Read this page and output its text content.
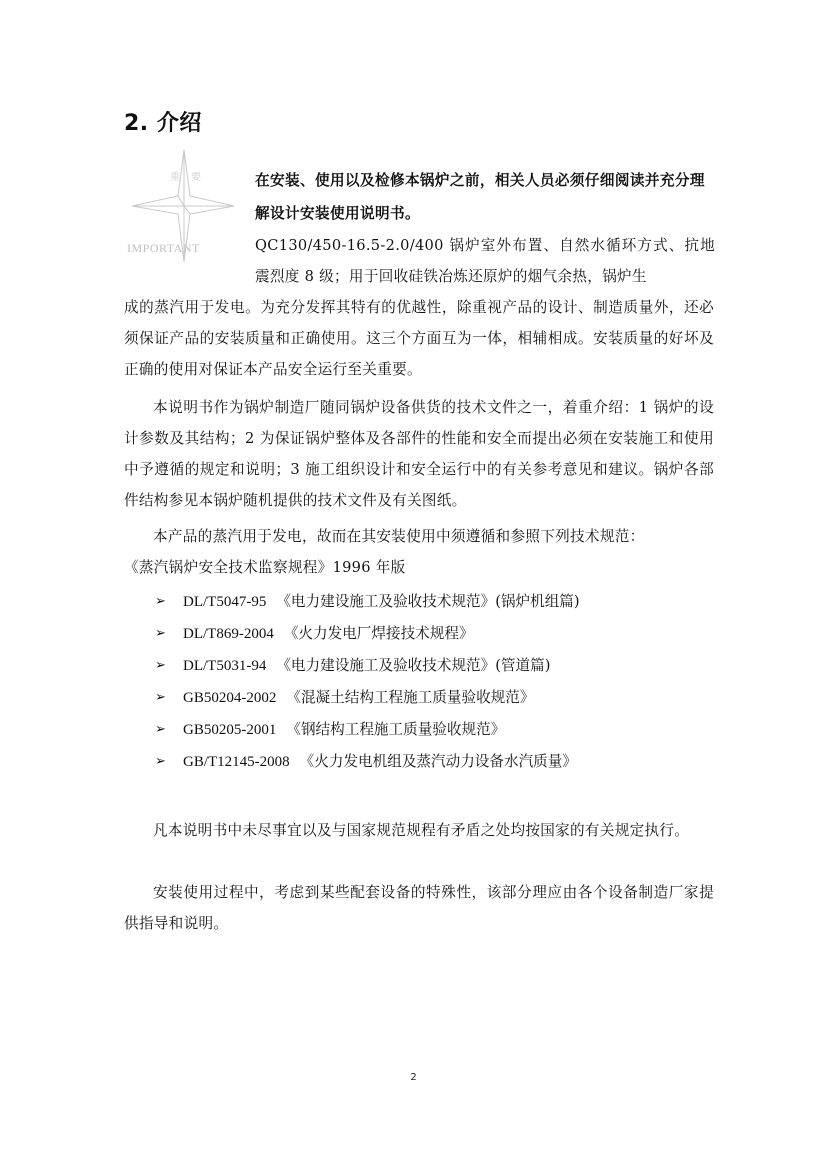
2. 介绍
重 要
IMPORTANT
在安装、使用以及检修本锅炉之前，相关人员必须仔细阅读并充分理解设计安装使用说明书。
QC130/450-16.5-2.0/400 锅炉室外布置、自然水循环方式、抗地震烈度 8 级；用于回收硅铁冶炼还原炉的烟气余热，锅炉生
成的蒸汽用于发电。为充分发挥其特有的优越性，除重视产品的设计、制造质量外，还必须保证产品的安装质量和正确使用。这三个方面互为一体，相辅相成。安装质量的好坏及正确的使用对保证本产品安全运行至关重要。
本说明书作为锅炉制造厂随同锅炉设备供货的技术文件之一，着重介绍：1 锅炉的设计参数及其结构；2 为保证锅炉整体及各部件的性能和安全而提出必须在安装施工和使用中予遵循的规定和说明；3 施工组织设计和安全运行中的有关参考意见和建议。锅炉各部件结构参见本锅炉随机提供的技术文件及有关图纸。
本产品的蒸汽用于发电，故而在其安装使用中须遵循和参照下列技术规范：
《蒸汽锅炉安全技术监察规程》1996 年版
➢	DL/T5047-95 《电力建设施工及验收技术规范》(锅炉机组篇)
➢	DL/T869-2004 《火力发电厂焊接技术规程》
➢	DL/T5031-94 《电力建设施工及验收技术规范》(管道篇)
➢	GB50204-2002 《混凝土结构工程施工质量验收规范》
➢	GB50205-2001 《钢结构工程施工质量验收规范》
➢	GB/T12145-2008 《火力发电机组及蒸汽动力设备水汽质量》
凡本说明书中未尽事宜以及与国家规范规程有矛盾之处均按国家的有关规定执行。
安装使用过程中，考虑到某些配套设备的特殊性，该部分理应由各个设备制造厂家提供指导和说明。
2
